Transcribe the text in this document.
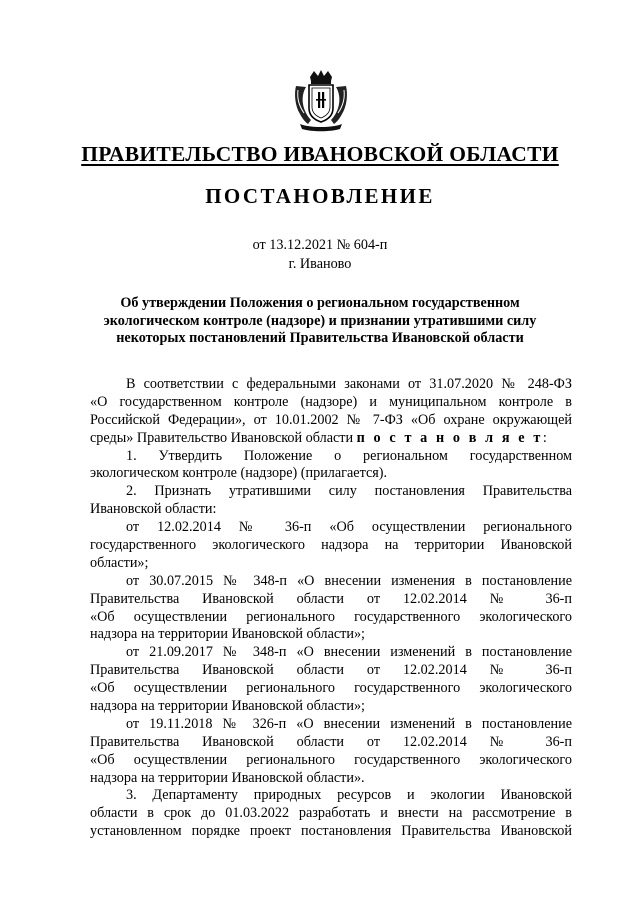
ПРАВИТЕЛЬСТВО ИВАНОВСКОЙ ОБЛАСТИ
ПОСТАНОВЛЕНИЕ
от 13.12.2021 № 604-п
г. Иваново
Об утверждении Положения о региональном государственном
экологическом контроле (надзоре) и признании утратившими силу
некоторых постановлений Правительства Ивановской области
В соответствии с федеральными законами от 31.07.2020 № 248-ФЗ
«О государственном контроле (надзоре) и муниципальном контроле в
Российской Федерации», от 10.01.2002 № 7-ФЗ «Об охране окружающей
среды» Правительство Ивановской области п о с т а н о в л я е т:
1. Утвердить Положение о региональном государственном
экологическом контроле (надзоре) (прилагается).
2. Признать утратившими силу постановления Правительства
Ивановской области:
от 12.02.2014 № 36-п «Об осуществлении регионального
государственного экологического надзора на территории Ивановской
области»;
от 30.07.2015 № 348-п «О внесении изменения в постановление
Правительства Ивановской области от 12.02.2014 № 36-п
«Об осуществлении регионального государственного экологического
надзора на территории Ивановской области»;
от 21.09.2017 № 348-п «О внесении изменений в постановление
Правительства Ивановской области от 12.02.2014 № 36-п
«Об осуществлении регионального государственного экологического
надзора на территории Ивановской области»;
от 19.11.2018 № 326-п «О внесении изменений в постановление
Правительства Ивановской области от 12.02.2014 № 36-п
«Об осуществлении регионального государственного экологического
надзора на территории Ивановской области».
3. Департаменту природных ресурсов и экологии Ивановской
области в срок до 01.03.2022 разработать и внести на рассмотрение в
установленном порядке проект постановления Правительства Ивановской
